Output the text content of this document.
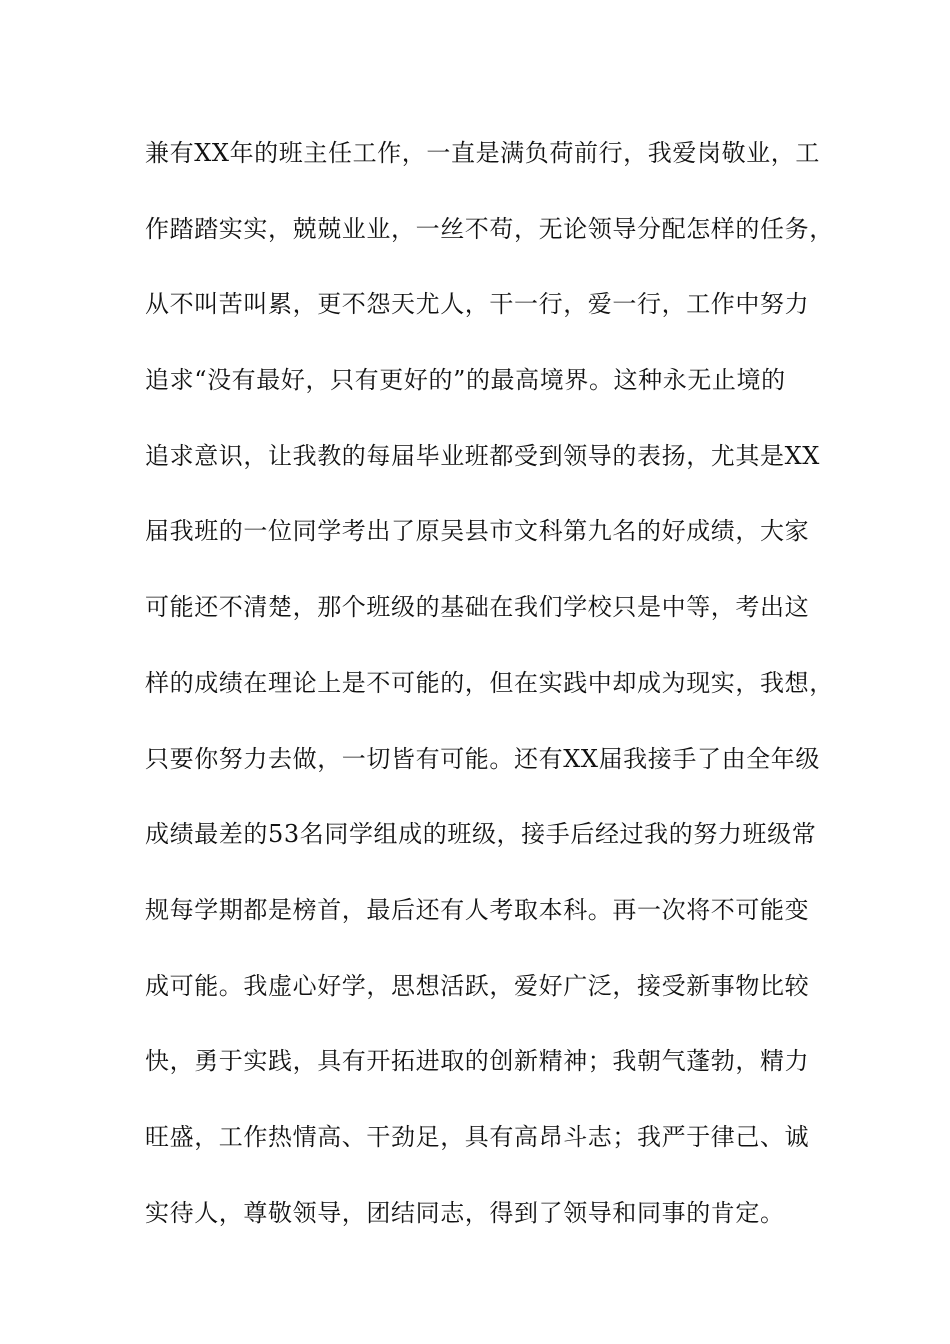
兼有XX年的班主任工作，一直是满负荷前行，我爱岗敬业，工
作踏踏实实，兢兢业业，一丝不苟，无论领导分配怎样的任务，
从不叫苦叫累，更不怨天尤人，干一行，爱一行，工作中努力
追求“没有最好，只有更好的”的最高境界。这种永无止境的
追求意识，让我教的每届毕业班都受到领导的表扬，尤其是XX
届我班的一位同学考出了原吴县市文科第九名的好成绩，大家
可能还不清楚，那个班级的基础在我们学校只是中等，考出这
样的成绩在理论上是不可能的，但在实践中却成为现实，我想，
只要你努力去做，一切皆有可能。还有XX届我接手了由全年级
成绩最差的53名同学组成的班级，接手后经过我的努力班级常
规每学期都是榜首，最后还有人考取本科。再一次将不可能变
成可能。我虚心好学，思想活跃，爱好广泛，接受新事物比较
快，勇于实践，具有开拓进取的创新精神；我朝气蓬勃，精力
旺盛，工作热情高、干劲足，具有高昂斗志；我严于律己、诚
实待人，尊敬领导，团结同志，得到了领导和同事的肯定。
